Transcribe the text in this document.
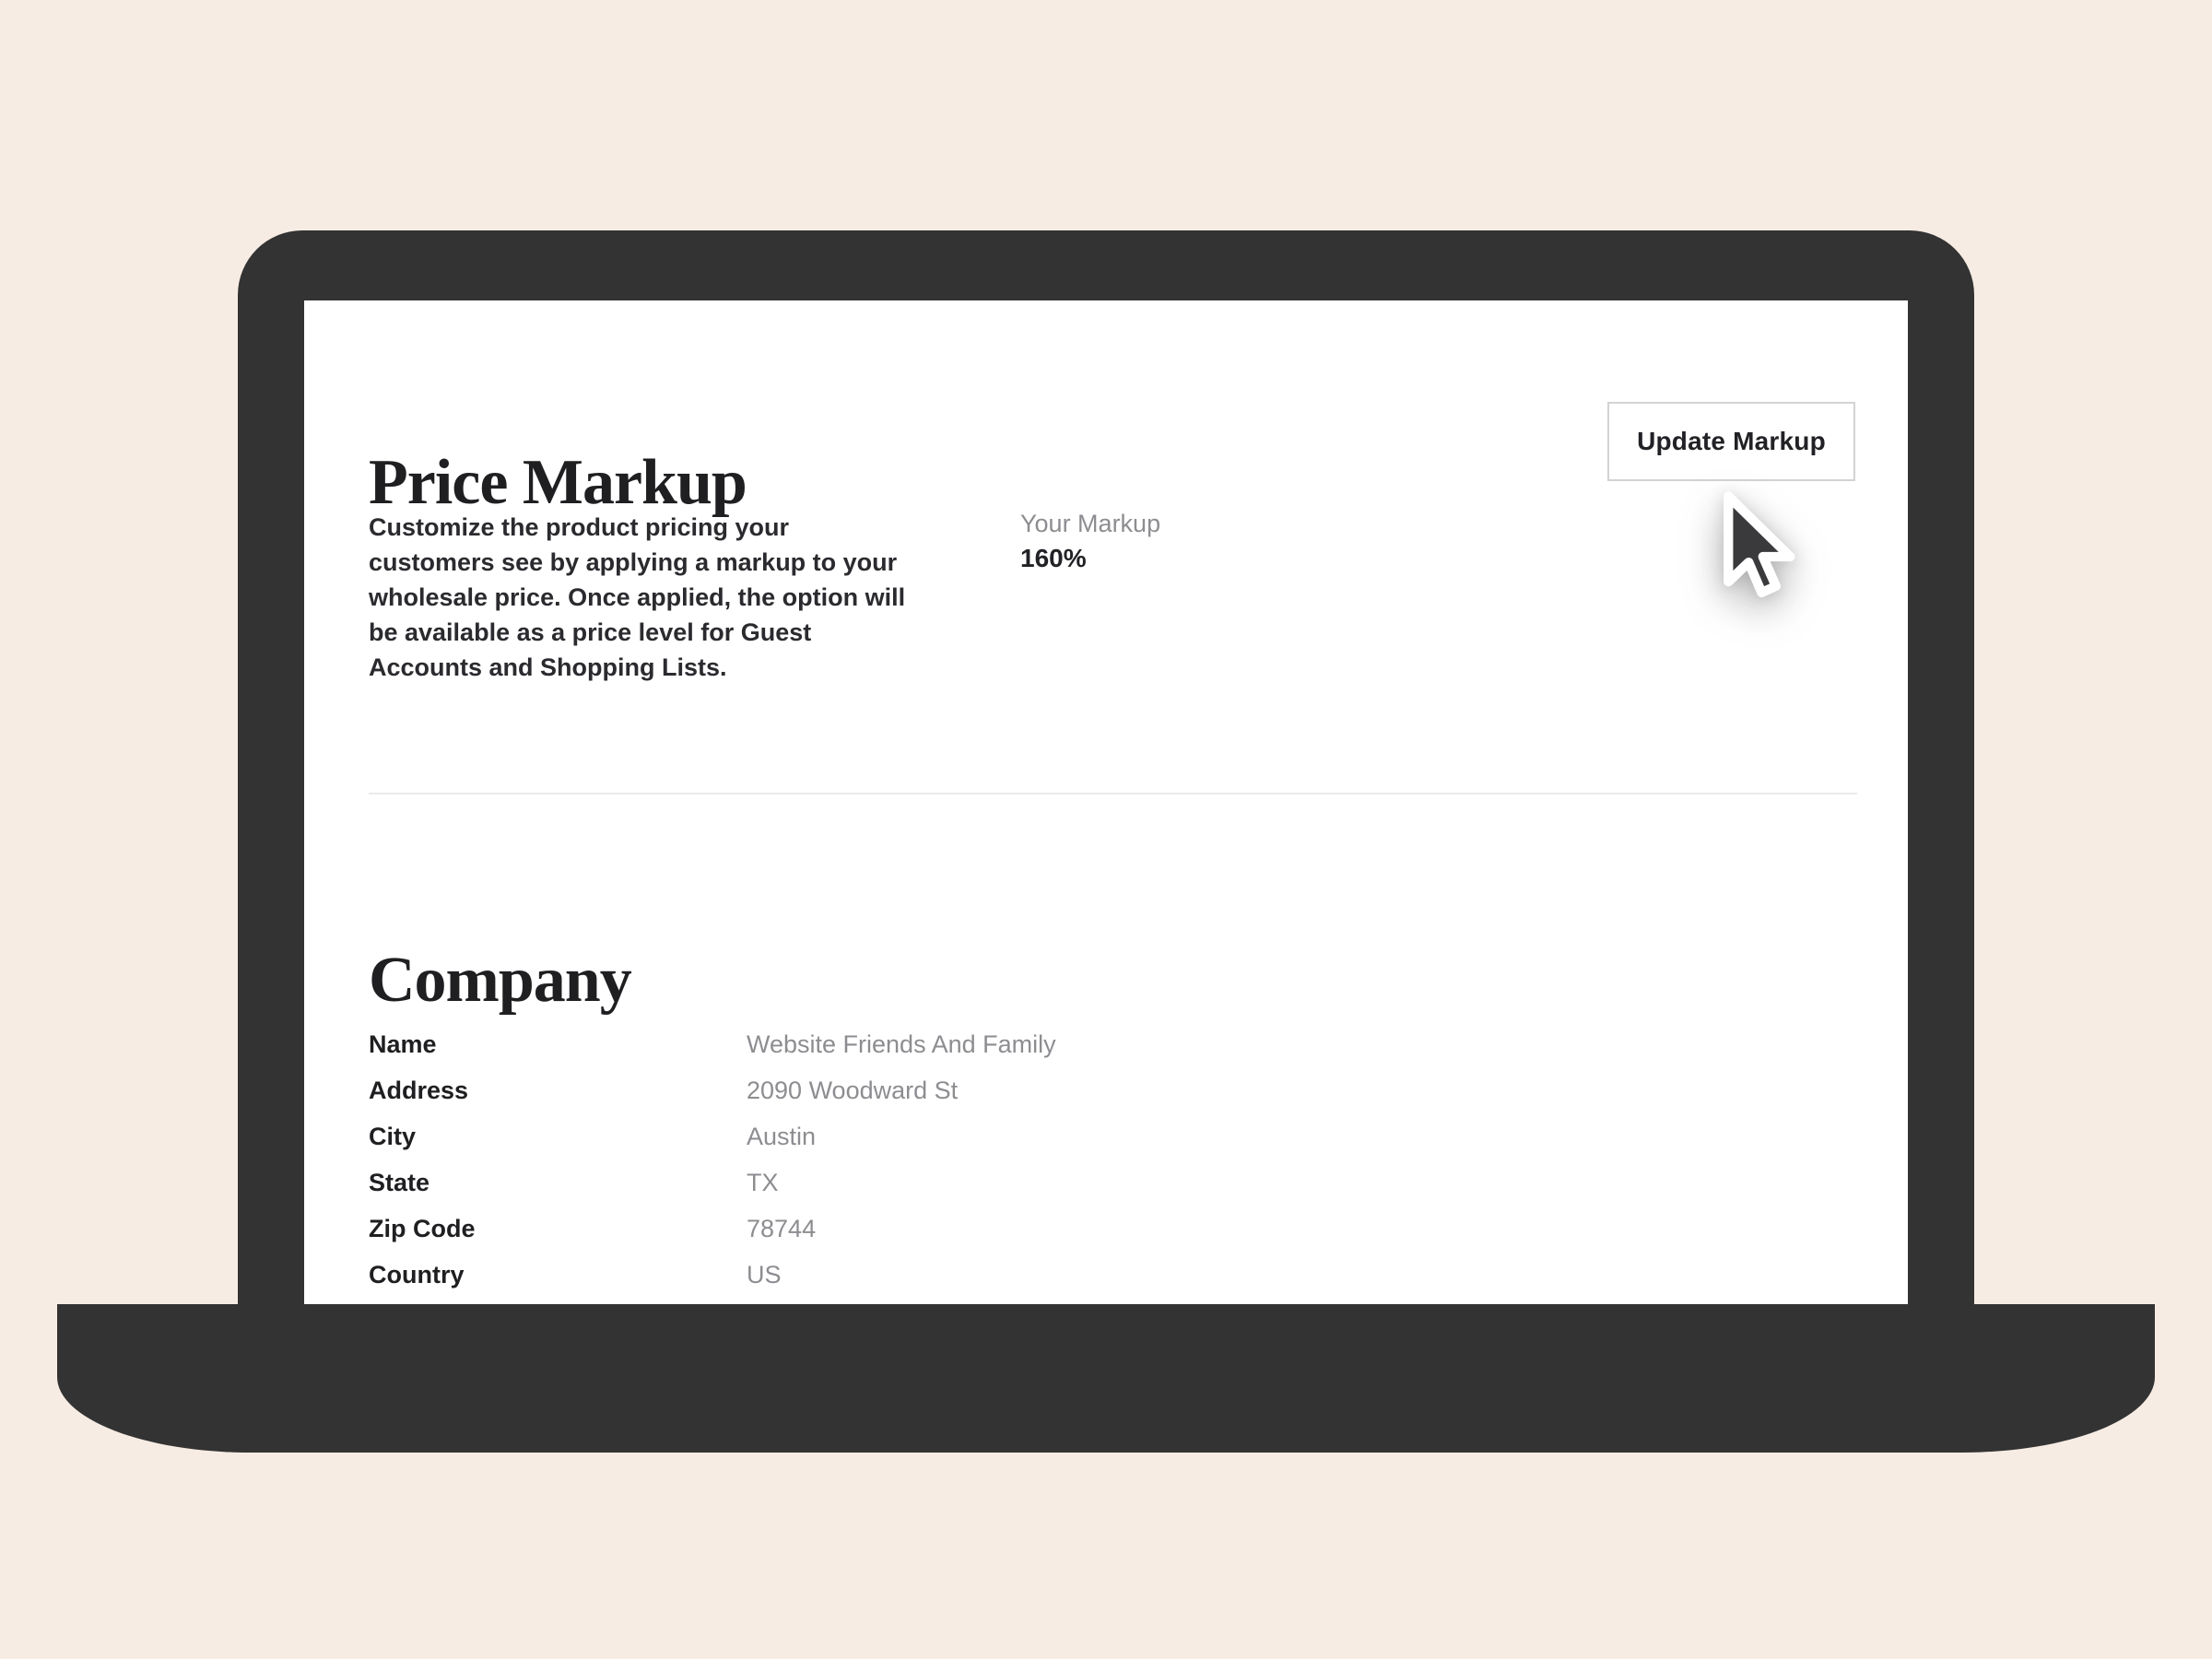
Price Markup
Update Markup
Customize the product pricing your
customers see by applying a markup to your
wholesale price. Once applied, the option will
be available as a price level for Guest
Accounts and Shopping Lists.
Your Markup
160%
Company
Name	Website Friends And Family
Address	2090 Woodward St
City	Austin
State	TX
Zip Code	78744
Country	US
